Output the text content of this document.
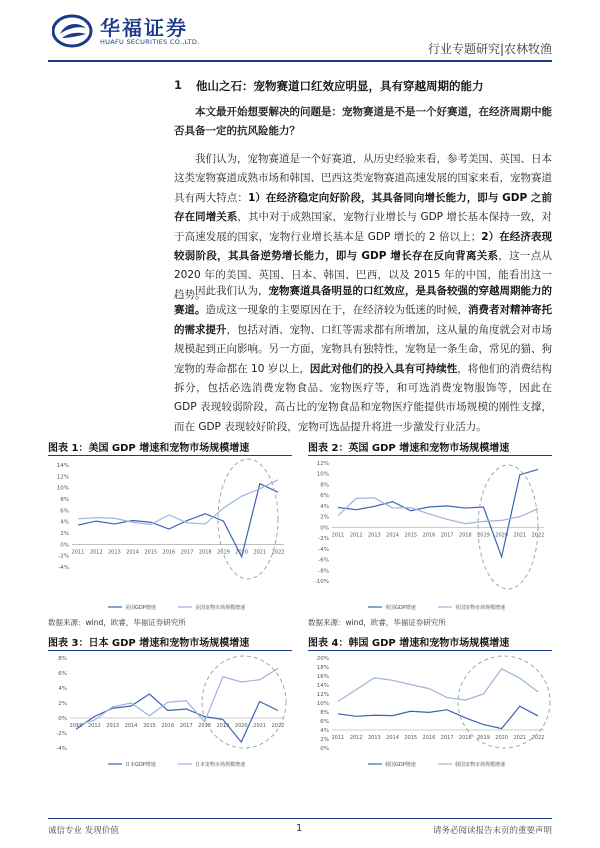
华福证券
HUAFU SECURITIES CO.,LTD.	行业专题研究|农林牧渔
1 他山之石：宠物赛道口红效应明显，具有穿越周期的能力
本文最开始想要解决的问题是：宠物赛道是不是一个好赛道，在经济周期中能否具备一定的抗风险能力？
我们认为，宠物赛道是一个好赛道，从历史经验来看，参考美国、英国、日本这类宠物赛道成熟市场和韩国、巴西这类宠物赛道高速发展的国家来看，宠物赛道具有两大特点：1）在经济稳定向好阶段，其具备同向增长能力，即与 GDP 之前存在同增关系，其中对于成熟国家，宠物行业增长与 GDP 增长基本保持一致，对于高速发展的国家，宠物行业增长基本是 GDP 增长的 2 倍以上；2）在经济表现较弱阶段，其具备逆势增长能力，即与 GDP 增长存在反向背离关系，这一点从 2020 年的美国、英国、日本、韩国、巴西，以及 2015 年的中国，能看出这一趋势。
因此我们认为，宠物赛道具备明显的口红效应，是具备较强的穿越周期能力的赛道。造成这一现象的主要原因在于，在经济较为低迷的时候，消费者对精神寄托的需求提升，包括对酒、宠物、口红等需求都有所增加，这从量的角度就会对市场规模起到正向影响。另一方面，宠物具有独特性，宠物是一条生命，常见的猫、狗宠物的寿命都在 10 岁以上，因此对他们的投入具有可持续性，将他们的消费结构拆分，包括必选消费宠物食品、宠物医疗等，和可选消费宠物服饰等，因此在 GDP 表现较弱阶段，高占比的宠物食品和宠物医疗能提供市场规模的刚性支撑，而在 GDP 表现较好阶段，宠物可选品提升将进一步激发行业活力。
图表 1：美国 GDP 增速和宠物市场规模增速	图表 2：英国 GDP 增速和宠物市场规模增速
数据来源：wind，欧睿，华福证券研究所	数据来源：wind，欧睿，华福证券研究所
图表 3：日本 GDP 增速和宠物市场规模增速	图表 4：韩国 GDP 增速和宠物市场规模增速
14%
12%
10%
8%
6%
4%
2%
0%
-2%
-4%
2011 2012 2013 2014 2015 2016 2017 2018 2019 2020 2021 2022
美国GDP增速	美国宠物市场规模增速
12%
10%
8%
6%
4%
2%
0%
-2%
-4%
-6%
-8%
-10%
2011 2012 2013 2014 2015 2016 2017 2018 2019 2020 2021 2022
英国GDP增速	英国宠物市场规模增速
8%
6%
4%
2%
0%
-2%
-4%
2011 2012 2013 2014 2015 2016 2017 2018 2019 2020 2021 2022
日本GDP增速	日本宠物市场规模增速
20%
18%
16%
14%
12%
10%
8%
6%
4%
2%
0%
2011 2012 2013 2014 2015 2016 2017 2018 2019 2020 2021 2022
韩国GDP增速	韩国宠物市场规模增速
诚信专业 发现价值	1	请务必阅读报告末页的重要声明
